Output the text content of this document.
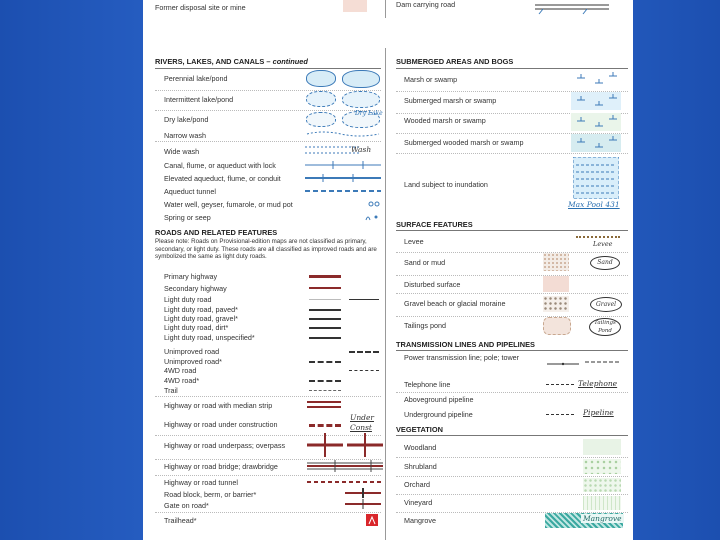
Former disposal site or mine	Dam carrying road
RIVERS, LAKES, AND CANALS – continued
Perennial lake/pond
Intermittent lake/pond
Dry lake/pond
Dry Lake
Narrow wash
Wide wash	Wash
Canal, flume, or aqueduct with lock
Elevated aqueduct, flume, or conduit
Aqueduct tunnel
Water well, geyser, fumarole, or mud pot
Spring or seep
ROADS AND RELATED FEATURES
Please note: Roads on Provisional-edition maps are not classified as primary, secondary, or light duty. These roads are all classified as improved roads and are symbolized the same as light duty roads.
Primary highway
Secondary highway
Light duty road
Light duty road, paved*
Light duty road, gravel*
Light duty road, dirt*
Light duty road, unspecified*
Unimproved road
Unimproved road*
4WD road
4WD road*
Trail
Highway or road with median strip
Highway or road under construction
Under Const
Highway or road underpass; overpass
Highway or road bridge; drawbridge
Highway or road tunnel
Road block, berm, or barrier*
Gate on road*
Trailhead*
SUBMERGED AREAS AND BOGS
Marsh or swamp
Submerged marsh or swamp
Wooded marsh or swamp
Submerged wooded marsh or swamp
Land subject to inundation
Max Pool 431
SURFACE FEATURES
Levee	Levee
Sand or mud	Sand
Disturbed surface
Gravel beach or glacial moraine	Gravel
Tailings pond	Tailings Pond
TRANSMISSION LINES AND PIPELINES
Power transmission line; pole; tower
Telephone line	Telephone
Aboveground pipeline
Underground pipeline	Pipeline
VEGETATION
Woodland
Shrubland
Orchard
Vineyard
Mangrove	Mangrove
